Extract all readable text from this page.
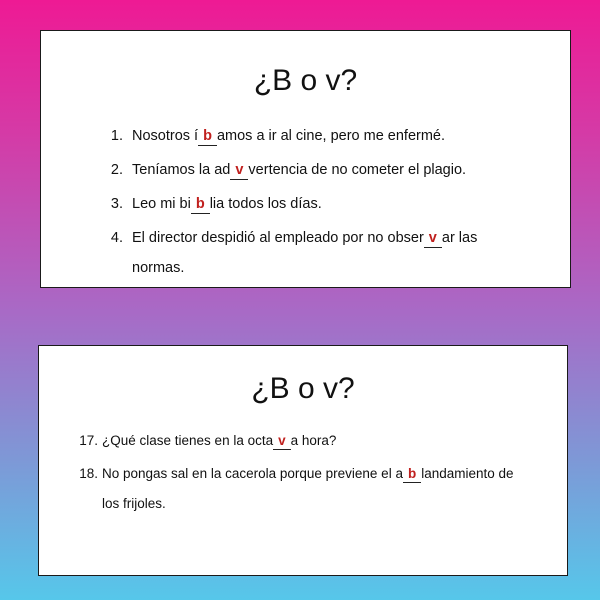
¿B o v?
1. Nosotros í b amos a ir al cine, pero me enfermé.
2. Teníamos la ad v vertencia de no cometer el plagio.
3. Leo mi bi b lia todos los días.
4. El director despidió al empleado por no obser v ar las normas.
¿B o v?
17. ¿Qué clase tienes en la octa v a hora?
18. No pongas sal en la cacerola porque previene el a b landamiento de los frijoles.
